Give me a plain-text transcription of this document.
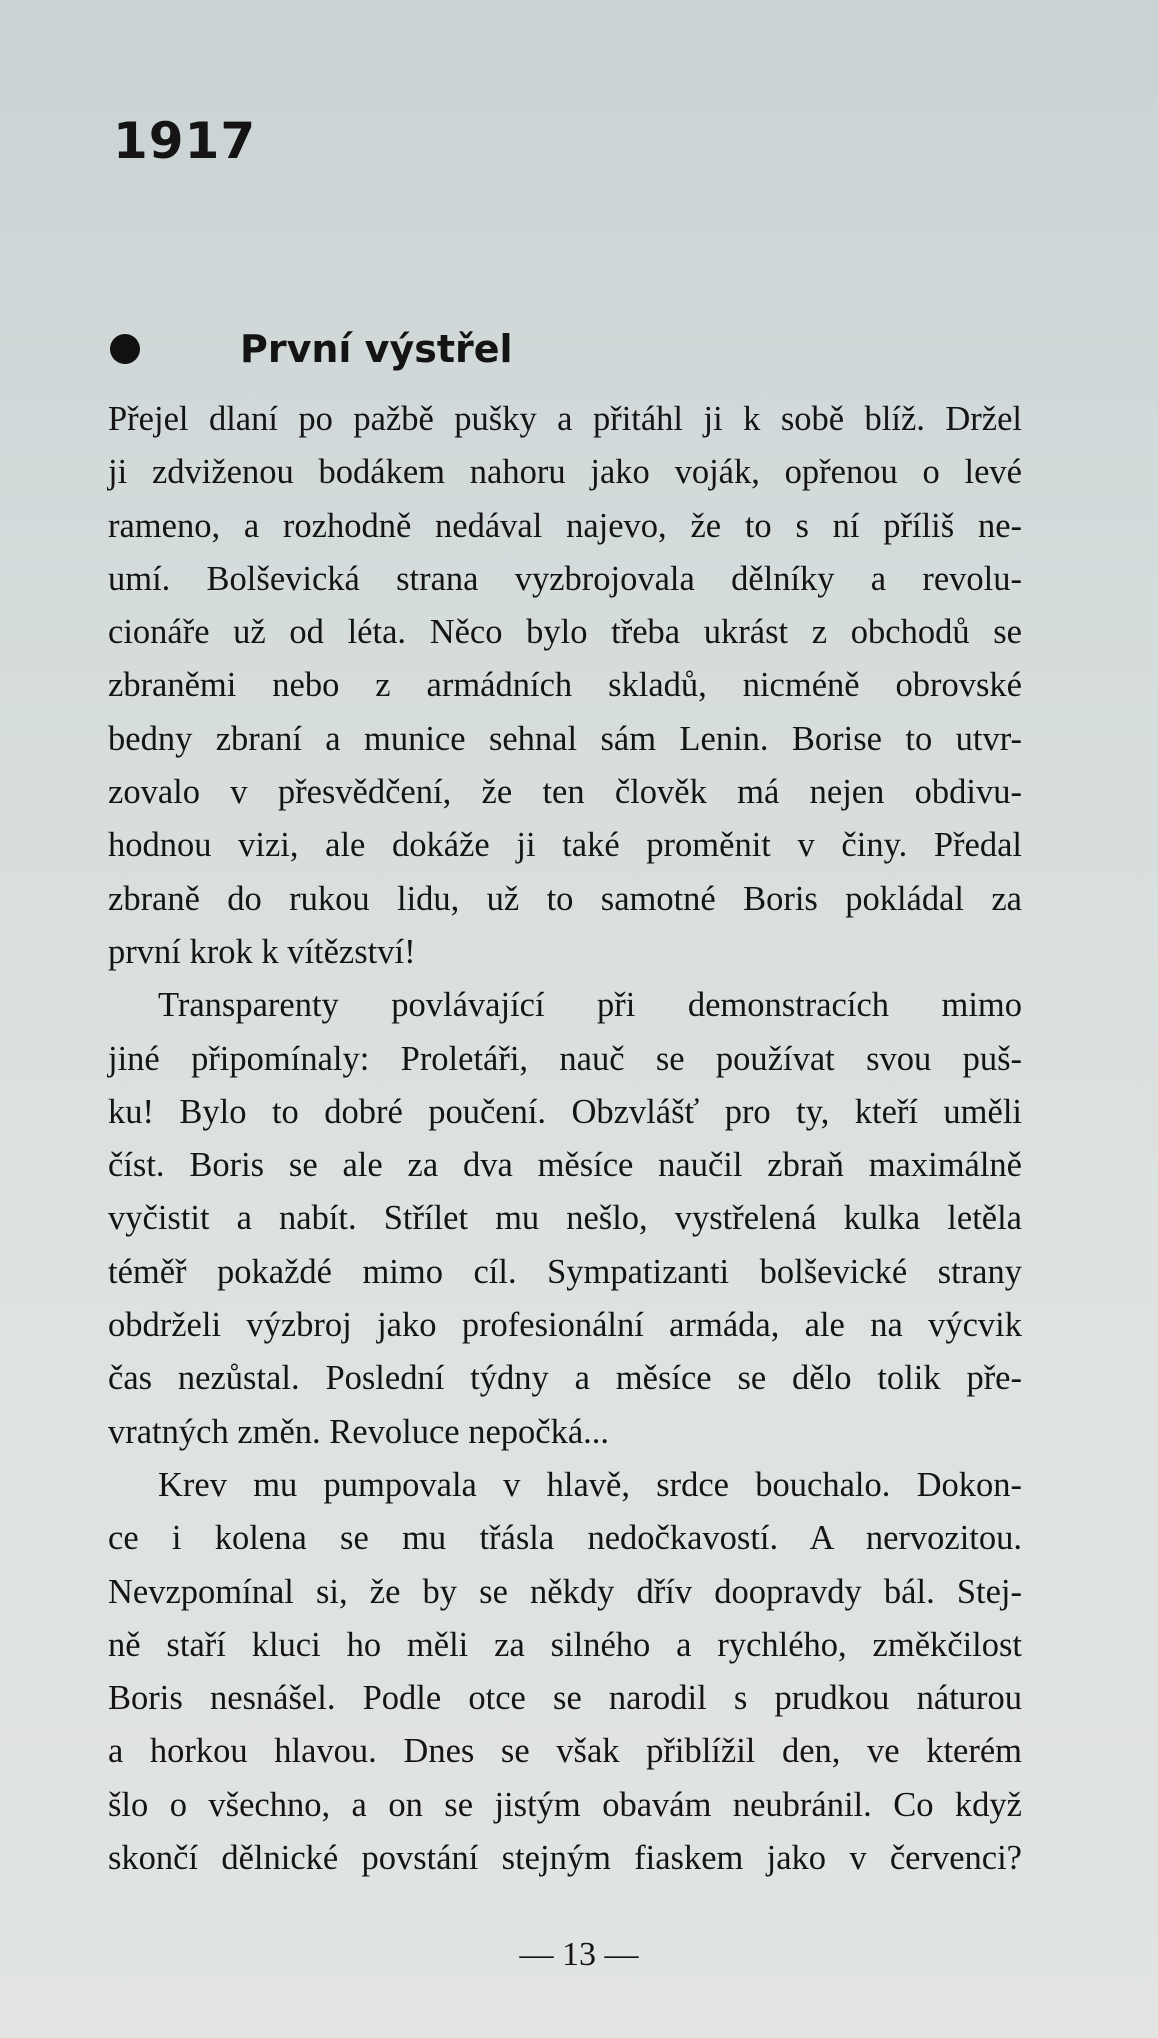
1917
První výstřel
Přejel dlaní po pažbě pušky a přitáhl ji k sobě blíž. Držel
ji zdviženou bodákem nahoru jako voják, opřenou o levé
rameno, a rozhodně nedával najevo, že to s ní příliš ne-
umí. Bolševická strana vyzbrojovala dělníky a revolu-
cionáře už od léta. Něco bylo třeba ukrást z obchodů se
zbraněmi nebo z armádních skladů, nicméně obrovské
bedny zbraní a munice sehnal sám Lenin. Borise to utvr-
zovalo v přesvědčení, že ten člověk má nejen obdivu-
hodnou vizi, ale dokáže ji také proměnit v činy. Předal
zbraně do rukou lidu, už to samotné Boris pokládal za
první krok k vítězství!
Transparenty povlávající při demonstracích mimo
jiné připomínaly: Proletáři, nauč se používat svou puš-
ku! Bylo to dobré poučení. Obzvlášť pro ty, kteří uměli
číst. Boris se ale za dva měsíce naučil zbraň maximálně
vyčistit a nabít. Střílet mu nešlo, vystřelená kulka letěla
téměř pokaždé mimo cíl. Sympatizanti bolševické strany
obdrželi výzbroj jako profesionální armáda, ale na výcvik
čas nezůstal. Poslední týdny a měsíce se dělo tolik pře-
vratných změn. Revoluce nepočká...
Krev mu pumpovala v hlavě, srdce bouchalo. Dokon-
ce i kolena se mu třásla nedočkavostí. A nervozitou.
Nevzpomínal si, že by se někdy dřív doopravdy bál. Stej-
ně staří kluci ho měli za silného a rychlého, změkčilost
Boris nesnášel. Podle otce se narodil s prudkou náturou
a horkou hlavou. Dnes se však přiblížil den, ve kterém
šlo o všechno, a on se jistým obavám neubránil. Co když
skončí dělnické povstání stejným fiaskem jako v červenci?
— 13 —
